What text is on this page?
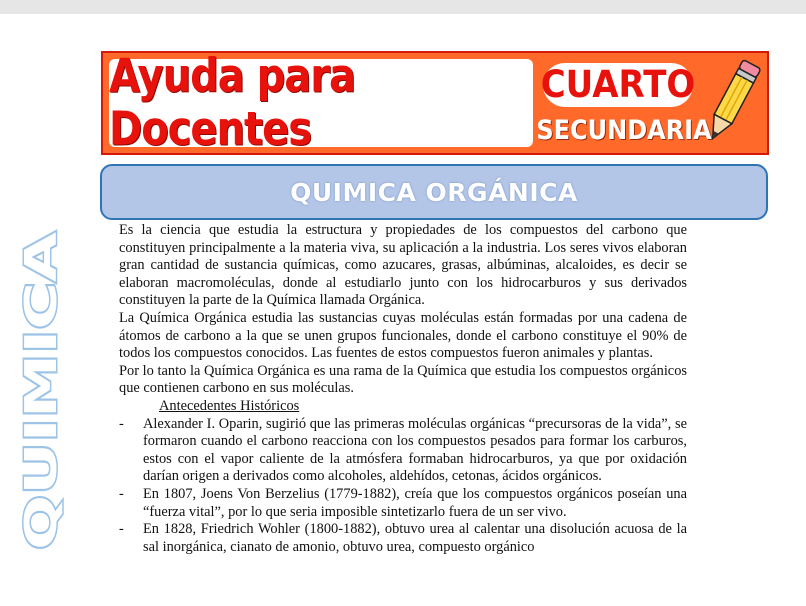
Ayuda para Docentes
CUARTO
SECUNDARIA
QUIMICA ORGÁNICA
QUIMICA

Es la ciencia que estudia la estructura y propiedades de los compuestos del carbono que constituyen principalmente a la materia viva, su aplicación a la industria. Los seres vivos elaboran gran cantidad de sustancia químicas, como azucares, grasas, albúminas, alcaloides, es decir se elaboran macromoléculas, donde al estudiarlo junto con los hidrocarburos y sus derivados constituyen la parte de la Química llamada Orgánica.

La Química Orgánica estudia las sustancias cuyas moléculas están formadas por una cadena de átomos de carbono a la que se unen grupos funcionales, donde el carbono constituye el 90% de todos los compuestos conocidos. Las fuentes de estos compuestos fueron animales y plantas.

Por lo tanto la Química Orgánica es una rama de la Química que estudia los compuestos orgánicos que contienen carbono en sus moléculas.

Antecedentes Históricos

- Alexander I. Oparin, sugirió que las primeras moléculas orgánicas “precursoras de la vida”, se formaron cuando el carbono reacciona con los compuestos pesados para formar los carburos, estos con el vapor caliente de la atmósfera formaban hidrocarburos, ya que por oxidación darían origen a derivados como alcoholes, aldehídos, cetonas, ácidos orgánicos.
- En 1807, Joens Von Berzelius (1779-1882), creía que los compuestos orgánicos poseían una “fuerza vital”, por lo que seria imposible sintetizarlo fuera de un ser vivo.
- En 1828, Friedrich Wohler (1800-1882), obtuvo urea al calentar una disolución acuosa de la sal inorgánica, cianato de amonio, obtuvo urea, compuesto orgánico
